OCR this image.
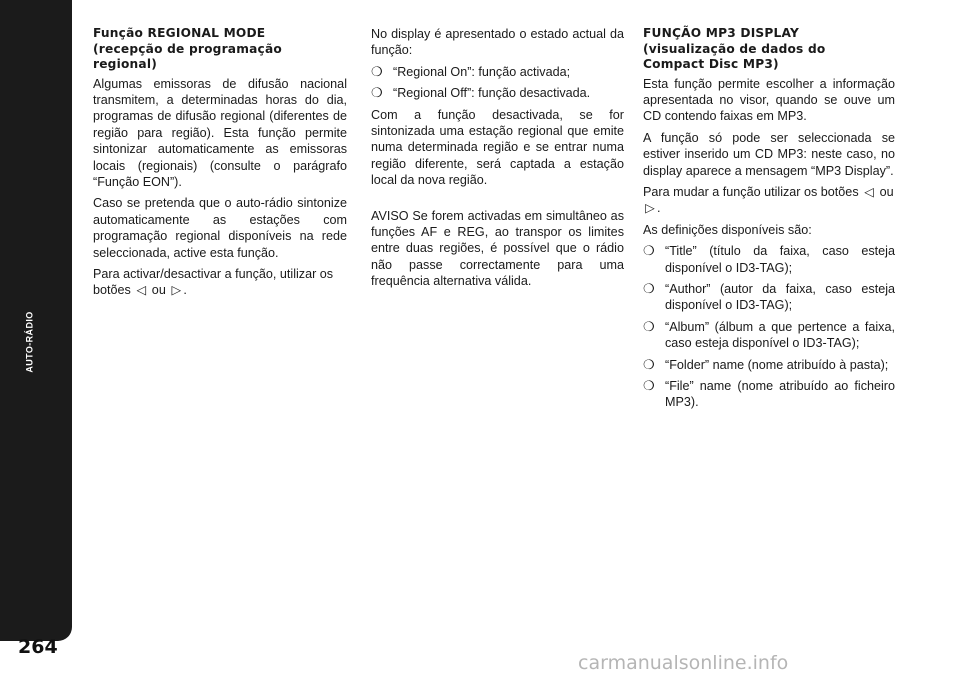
AUTO-RÁDIO
264
Função REGIONAL MODE
(recepção de programação
regional)

Algumas emissoras de difusão nacional transmitem, a determinadas horas do dia, programas de difusão regional (diferentes de região para região). Esta função permite sintonizar automaticamente as emissoras locais (regionais) (consulte o parágrafo “Função EON”).

Caso se pretenda que o auto-rádio sintonize automaticamente as estações com programação regional disponíveis na rede seleccionada, active esta função.

Para activar/desactivar a função, utilizar os botões ◁ ou ▷ .

No display é apresentado o estado actual da função:

❍ “Regional On”: função activada;
❍ “Regional Off”: função desactivada.

Com a função desactivada, se for sintonizada uma estação regional que emite numa determinada região e se entrar numa região diferente, será captada a estação local da nova região.

AVISO Se forem activadas em simultâneo as funções AF e REG, ao transpor os limites entre duas regiões, é possível que o rádio não passe correctamente para uma frequência alternativa válida.

FUNÇÃO MP3 DISPLAY
(visualização de dados do
Compact Disc MP3)

Esta função permite escolher a informação apresentada no visor, quando se ouve um CD contendo faixas em MP3.

A função só pode ser seleccionada se estiver inserido um CD MP3: neste caso, no display aparece a mensagem “MP3 Display”.

Para mudar a função utilizar os botões ◁ ou ▷ .

As definições disponíveis são:

❍ “Title” (título da faixa, caso esteja disponível o ID3-TAG);
❍ “Author” (autor da faixa, caso esteja disponível o ID3-TAG);
❍ “Album” (álbum a que pertence a faixa, caso esteja disponível o ID3-TAG);
❍ “Folder” name (nome atribuído à pasta);
❍ “File” name (nome atribuído ao ficheiro MP3).
carmanualsonline.info
